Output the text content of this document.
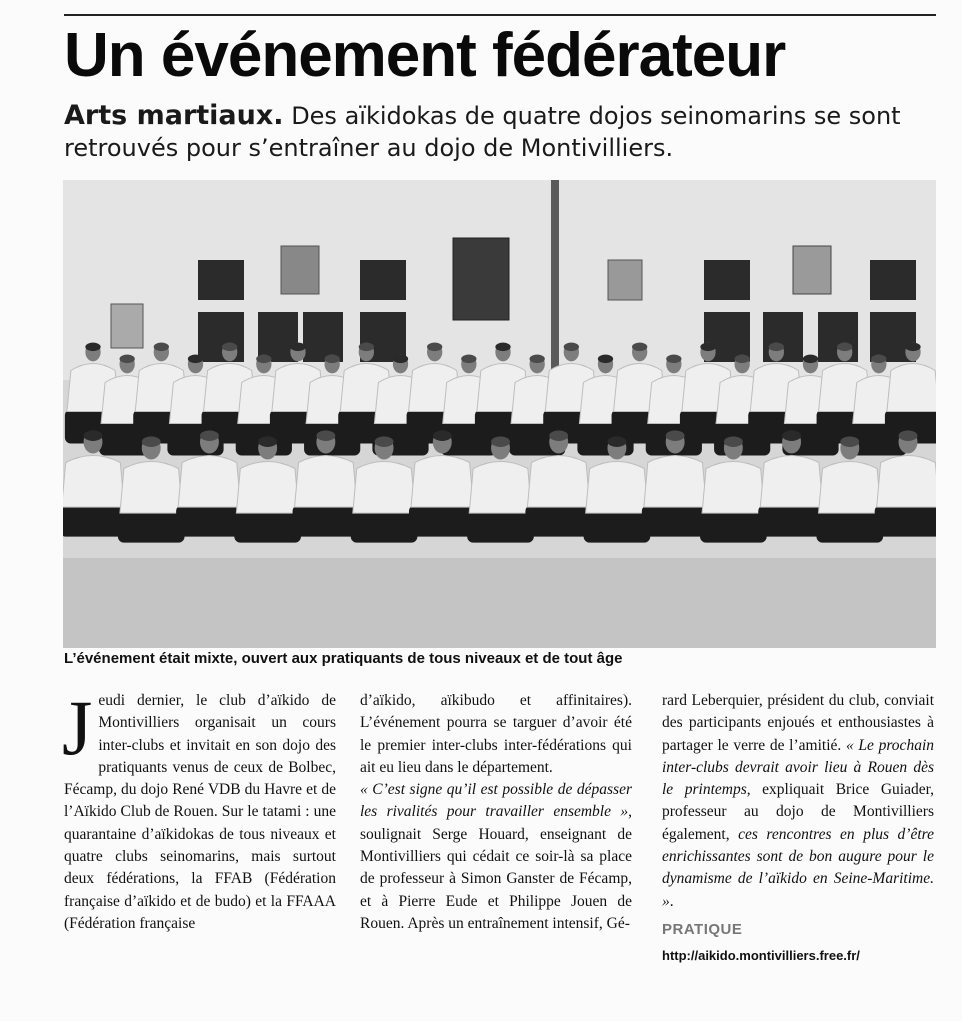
Un événement fédérateur

Arts martiaux. Des aïkidokas de quatre dojos seinomarins se sont retrouvés pour s’entraîner au dojo de Montivilliers.

L’événement était mixte, ouvert aux pratiquants de tous niveaux et de tout âge

J eudi dernier, le club d’aïkido de Montivilliers organisait un cours inter-clubs et invitait en son dojo des pratiquants venus de ceux de Bolbec, Fécamp, du dojo René VDB du Havre et de l’Aïkido Club de Rouen. Sur le tatami : une quarantaine d’aïkidokas de tous niveaux et quatre clubs seinomarins, mais surtout deux fédérations, la FFAB (Fédération française d’aïkido et de budo) et la FFAAA (Fédération française

d’aïkido, aïkibudo et affinitaires). L’événement pourra se targuer d’avoir été le premier inter-clubs inter-fédérations qui ait eu lieu dans le département.

« C’est signe qu’il est possible de dépasser les rivalités pour travailler ensemble », soulignait Serge Houard, enseignant de Montivilliers qui cédait ce soir-là sa place de professeur à Simon Ganster de Fécamp, et à Pierre Eude et Philippe Jouen de Rouen. Après un entraînement intensif, Gé-

rard Leberquier, président du club, conviait des participants enjoués et enthousiastes à partager le verre de l’amitié. « Le prochain inter-clubs devrait avoir lieu à Rouen dès le printemps, expliquait Brice Guiader, professeur au dojo de Montivilliers également, ces rencontres en plus d’être enrichissantes sont de bon augure pour le dynamisme de l’aïkido en Seine-Maritime. ».

PRATIQUE
http://aikido.montivilliers.free.fr/
